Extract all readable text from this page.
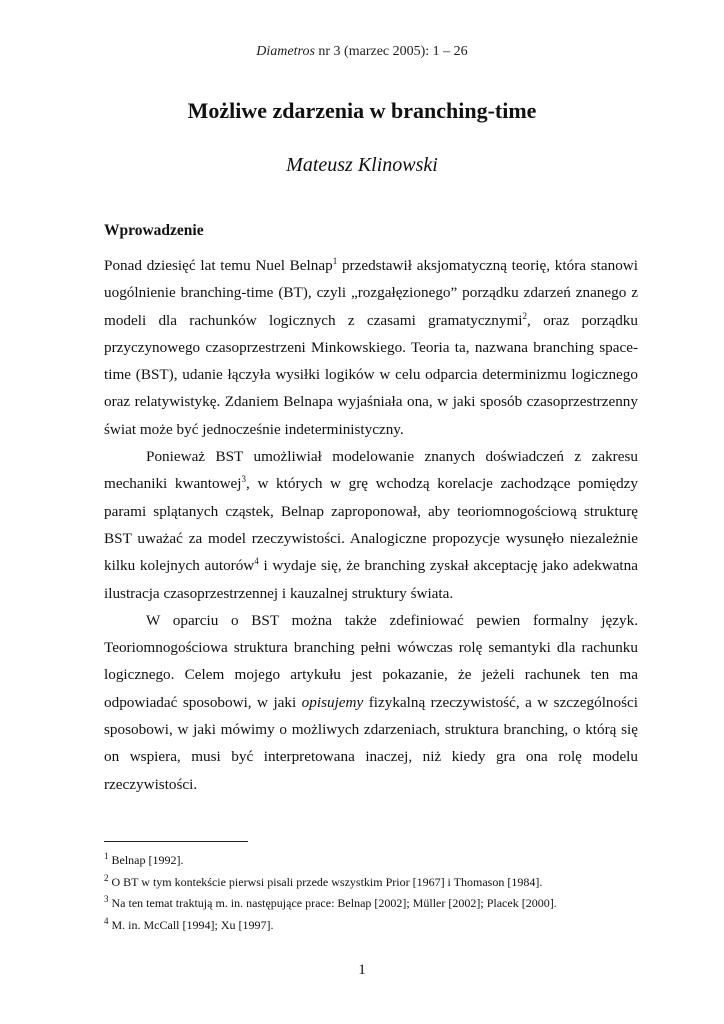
Diametros nr 3 (marzec 2005): 1 – 26
Możliwe zdarzenia w branching-time
Mateusz Klinowski
Wprowadzenie

Ponad dziesięć lat temu Nuel Belnap$^1$ przedstawił aksjomatyczną teorię, która stanowi uogólnienie branching-time (BT), czyli „rozgałęzionego” porządku zdarzeń znanego z modeli dla rachunków logicznych z czasami gramatycznymi$^2$, oraz porządku przyczynowego czasoprzestrzeni Minkowskiego. Teoria ta, nazwana branching space-time (BST), udanie łączyła wysiłki logików w celu odparcia determinizmu logicznego oraz relatywistykę. Zdaniem Belnapa wyjaśniała ona, w jaki sposób czasoprzestrzenny świat może być jednocześnie indeterministyczny.

Ponieważ BST umożliwiał modelowanie znanych doświadczeń z zakresu mechaniki kwantowej$^3$, w których w grę wchodzą korelacje zachodzące pomiędzy parami splątanych cząstek, Belnap zaproponował, aby teoriomnogościową strukturę BST uważać za model rzeczywistości. Analogiczne propozycje wysunęło niezależnie kilku kolejnych autorów$^4$ i wydaje się, że branching zyskał akceptację jako adekwatna ilustracja czasoprzestrzennej i kauzalnej struktury świata.

W oparciu o BST można także zdefiniować pewien formalny język. Teoriomnogościowa struktura branching pełni wówczas rolę semantyki dla rachunku logicznego. Celem mojego artykułu jest pokazanie, że jeżeli rachunek ten ma odpowiadać sposobowi, w jaki opisujemy fizykalną rzeczywistość, a w szczególności sposobowi, w jaki mówimy o możliwych zdarzeniach, struktura branching, o którą się on wspiera, musi być interpretowana inaczej, niż kiedy gra ona rolę modelu rzeczywistości.

$^1$ Belnap [1992].
$^2$ O BT w tym kontekście pierwsi pisali przede wszystkim Prior [1967] i Thomason [1984].
$^3$ Na ten temat traktują m. in. następujące prace: Belnap [2002]; Müller [2002]; Placek [2000].
$^4$ M. in. McCall [1994]; Xu [1997].
1
